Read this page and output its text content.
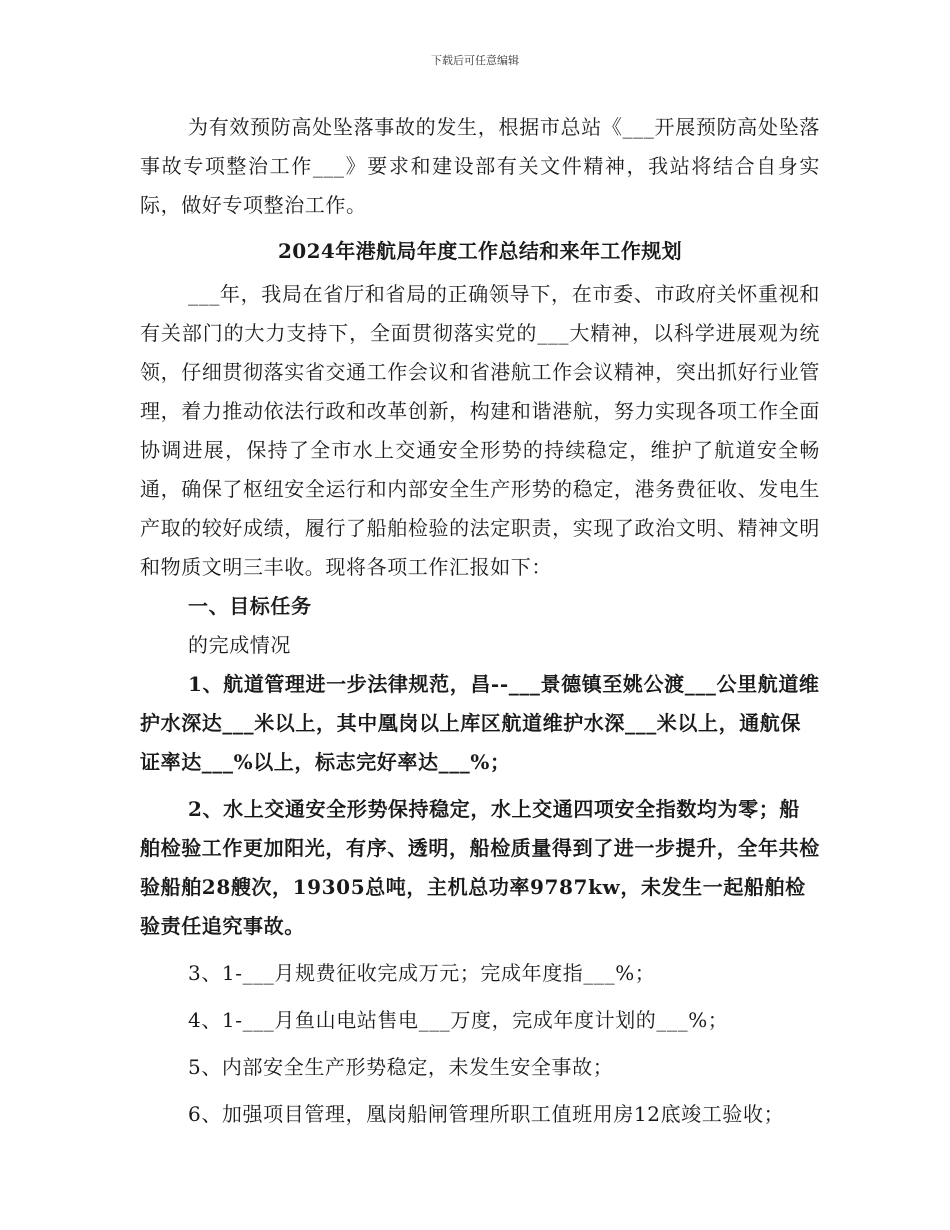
下载后可任意编辑

为有效预防高处坠落事故的发生，根据市总站《___开展预防高处坠落事故专项整治工作___》要求和建设部有关文件精神，我站将结合自身实际，做好专项整治工作。

2024年港航局年度工作总结和来年工作规划

___年，我局在省厅和省局的正确领导下，在市委、市政府关怀重视和有关部门的大力支持下，全面贯彻落实党的___大精神，以科学进展观为统领，仔细贯彻落实省交通工作会议和省港航工作会议精神，突出抓好行业管理，着力推动依法行政和改革创新，构建和谐港航，努力实现各项工作全面协调进展，保持了全市水上交通安全形势的持续稳定，维护了航道安全畅通，确保了枢纽安全运行和内部安全生产形势的稳定，港务费征收、发电生产取的较好成绩，履行了船舶检验的法定职责，实现了政治文明、精神文明和物质文明三丰收。现将各项工作汇报如下：

一、目标任务

的完成情况

1、航道管理进一步法律规范，昌--___景德镇至姚公渡___公里航道维护水深达___米以上，其中凰岗以上库区航道维护水深___米以上，通航保证率达___%以上，标志完好率达___%；

2、水上交通安全形势保持稳定，水上交通四项安全指数均为零；船舶检验工作更加阳光，有序、透明，船检质量得到了进一步提升，全年共检验船舶28艘次，19305总吨，主机总功率9787kw，未发生一起船舶检验责任追究事故。

3、1-___月规费征收完成万元；完成年度指___%；

4、1-___月鱼山电站售电___万度，完成年度计划的___%；

5、内部安全生产形势稳定，未发生安全事故；

6、加强项目管理，凰岗船闸管理所职工值班用房12底竣工验收；
